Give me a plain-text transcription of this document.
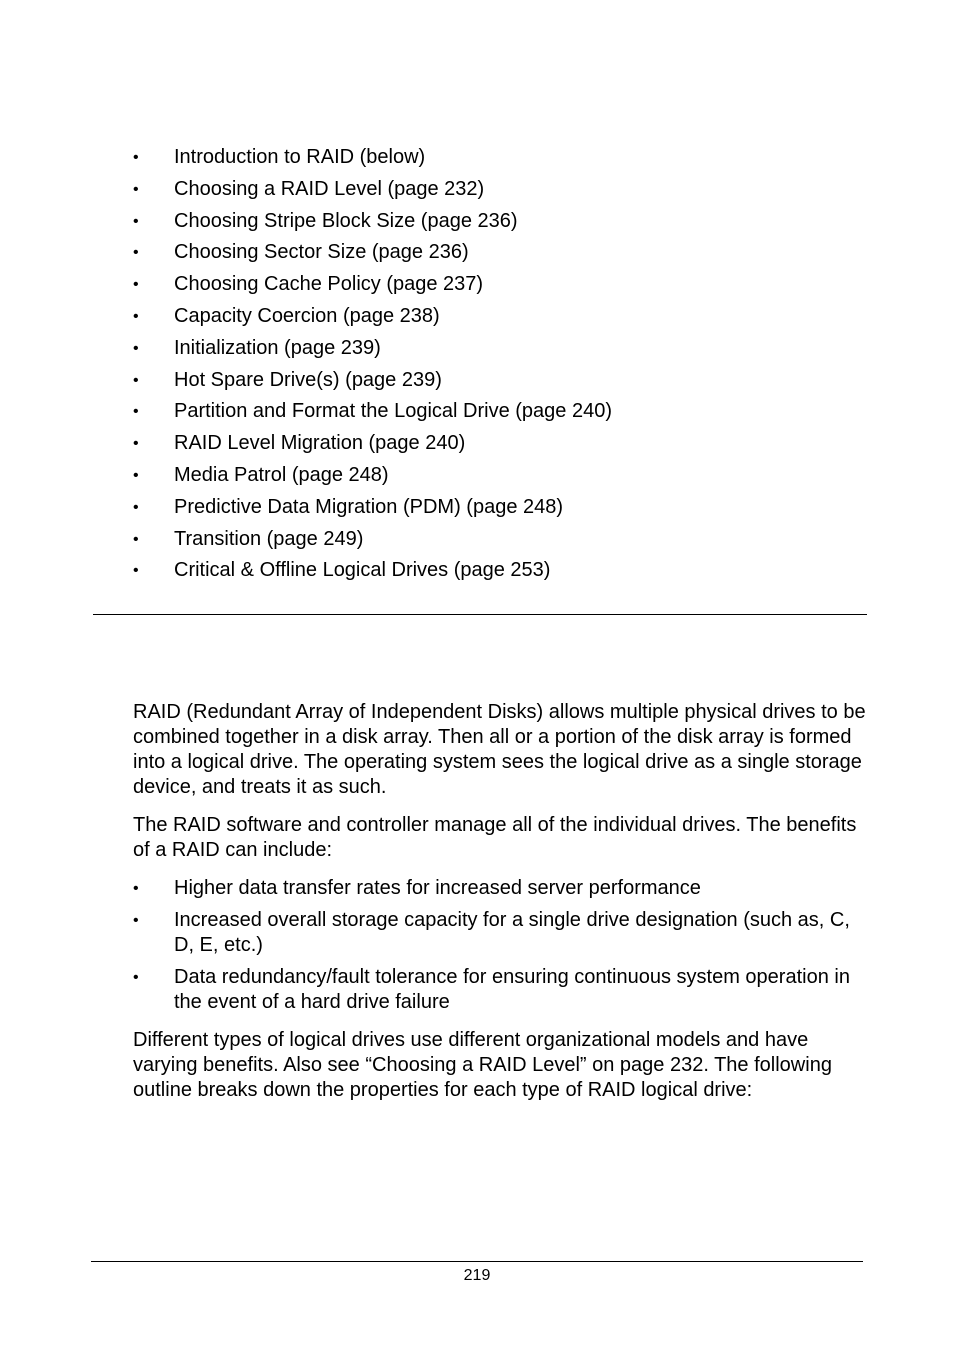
• Introduction to RAID (below)
• Choosing a RAID Level (page 232)
• Choosing Stripe Block Size (page 236)
• Choosing Sector Size (page 236)
• Choosing Cache Policy (page 237)
• Capacity Coercion (page 238)
• Initialization (page 239)
• Hot Spare Drive(s) (page 239)
• Partition and Format the Logical Drive (page 240)
• RAID Level Migration (page 240)
• Media Patrol (page 248)
• Predictive Data Migration (PDM) (page 248)
• Transition (page 249)
• Critical & Offline Logical Drives (page 253)

RAID (Redundant Array of Independent Disks) allows multiple physical drives to be combined together in a disk array. Then all or a portion of the disk array is formed into a logical drive. The operating system sees the logical drive as a single storage device, and treats it as such.

The RAID software and controller manage all of the individual drives. The benefits of a RAID can include:

• Higher data transfer rates for increased server performance
• Increased overall storage capacity for a single drive designation (such as, C, D, E, etc.)
• Data redundancy/fault tolerance for ensuring continuous system operation in the event of a hard drive failure

Different types of logical drives use different organizational models and have varying benefits. Also see “Choosing a RAID Level” on page 232. The following outline breaks down the properties for each type of RAID logical drive:

219
